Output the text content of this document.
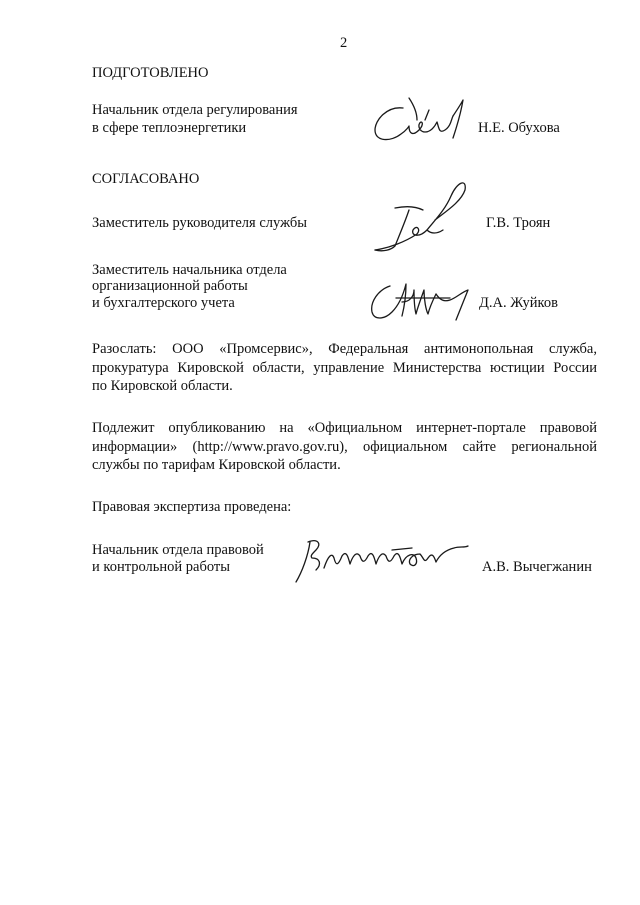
2
ПОДГОТОВЛЕНО
Начальник отдела регулирования
в сфере теплоэнергетики	Н.Е. Обухова
СОГЛАСОВАНО
Заместитель руководителя службы	Г.В. Троян
Заместитель начальника отдела
организационной работы
и бухгалтерского учета	Д.А. Жуйков
Разослать: ООО «Промсервис», Федеральная антимонопольная служба,
прокуратура Кировской области, управление Министерства юстиции России
по Кировской области.
Подлежит опубликованию на «Официальном интернет-портале правовой
информации» (http://www.pravo.gov.ru), официальном сайте региональной
службы по тарифам Кировской области.
Правовая экспертиза проведена:
Начальник отдела правовой
и контрольной работы	А.В. Вычегжанин
